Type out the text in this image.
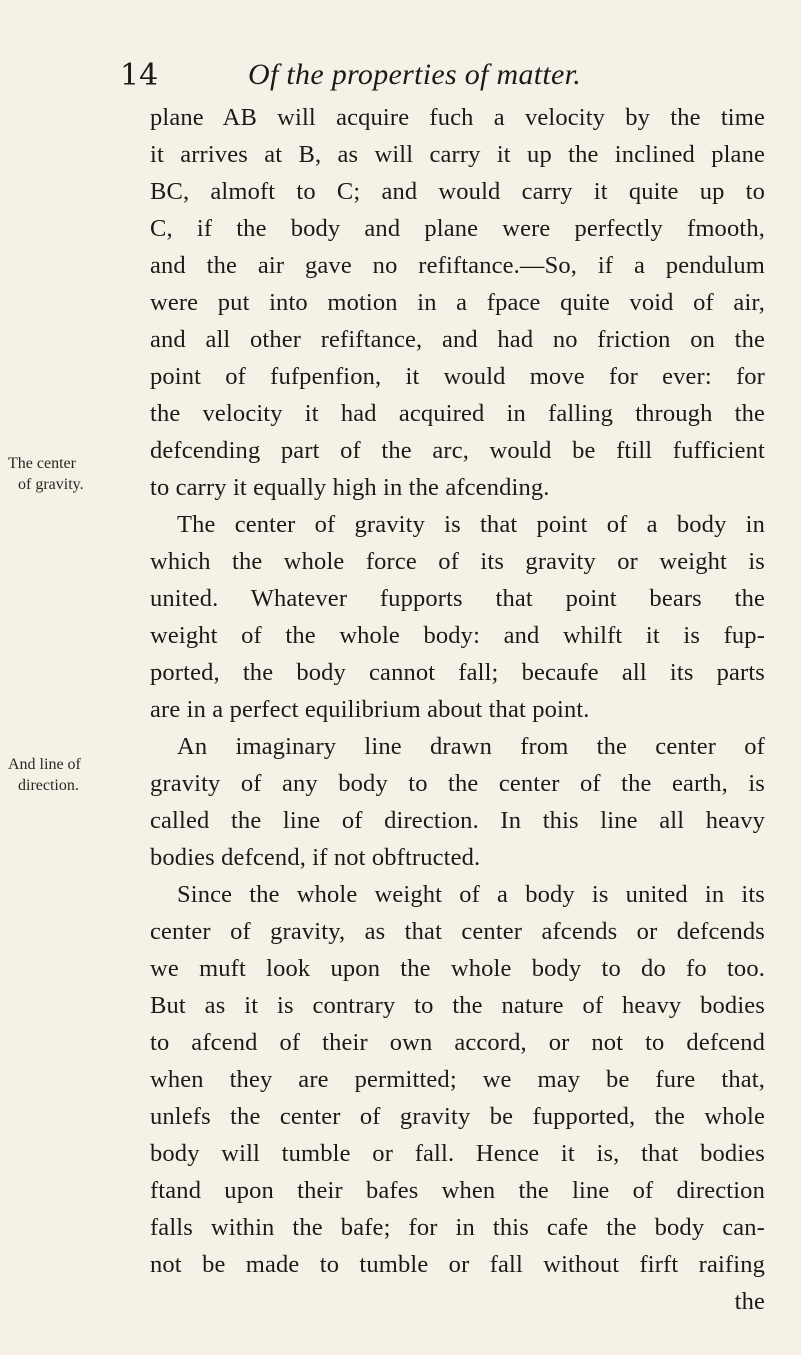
14	Of the properties of matter.
The center
of gravity.
And line of
direction.
plane AB will acquire fuch a velocity by the time
it arrives at B, as will carry it up the inclined plane
BC, almoft to C; and would carry it quite up to
C, if the body and plane were perfectly fmooth,
and the air gave no refiftance.—So, if a pendulum
were put into motion in a fpace quite void of air,
and all other refiftance, and had no friction on the
point of fufpenfion, it would move for ever: for
the velocity it had acquired in falling through the
defcending part of the arc, would be ftill fufficient
to carry it equally high in the afcending.
The center of gravity is that point of a body in
which the whole force of its gravity or weight is
united. Whatever fupports that point bears the
weight of the whole body: and whilft it is fup-
ported, the body cannot fall; becaufe all its parts
are in a perfect equilibrium about that point.
An imaginary line drawn from the center of
gravity of any body to the center of the earth, is
called the line of direction. In this line all heavy
bodies defcend, if not obftructed.
Since the whole weight of a body is united in its
center of gravity, as that center afcends or defcends
we muft look upon the whole body to do fo too.
But as it is contrary to the nature of heavy bodies
to afcend of their own accord, or not to defcend
when they are permitted; we may be fure that,
unlefs the center of gravity be fupported, the whole
body will tumble or fall. Hence it is, that bodies
ftand upon their bafes when the line of direction
falls within the bafe; for in this cafe the body can-
not be made to tumble or fall without firft raifing
the
